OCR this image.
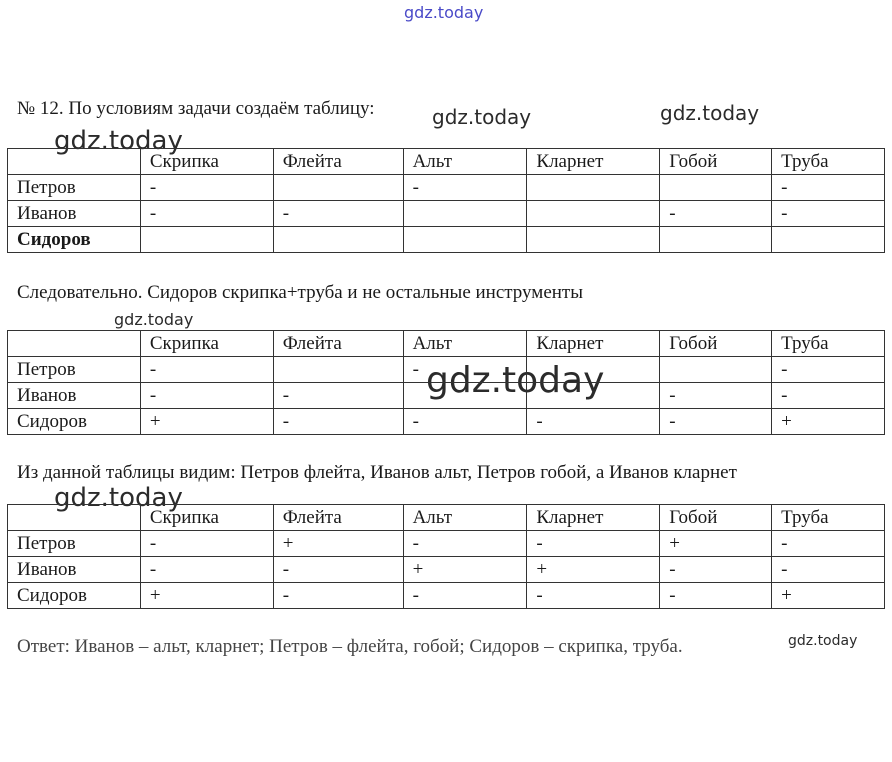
gdz.today
gdz.today	gdz.today
gdz.today
gdz.today
gdz.today
gdz.today
gdz.today
№ 12. По условиям задачи создаём таблицу:
	Скрипка	Флейта	Альт	Кларнет	Гобой	Труба
Петров	-		-			-
Иванов	-	-			-	-
Сидоров						
Следовательно. Сидоров скрипка+труба и не остальные инструменты
	Скрипка	Флейта	Альт	Кларнет	Гобой	Труба
Петров	-		-			-
Иванов	-	-			-	-
Сидоров	+	-	-	-	-	+
Из данной таблицы видим: Петров флейта, Иванов альт, Петров гобой, а Иванов кларнет
	Скрипка	Флейта	Альт	Кларнет	Гобой	Труба
Петров	-	+	-	-	+	-
Иванов	-	-	+	+	-	-
Сидоров	+	-	-	-	-	+
Ответ: Иванов – альт, кларнет; Петров – флейта, гобой; Сидоров – скрипка, труба.
